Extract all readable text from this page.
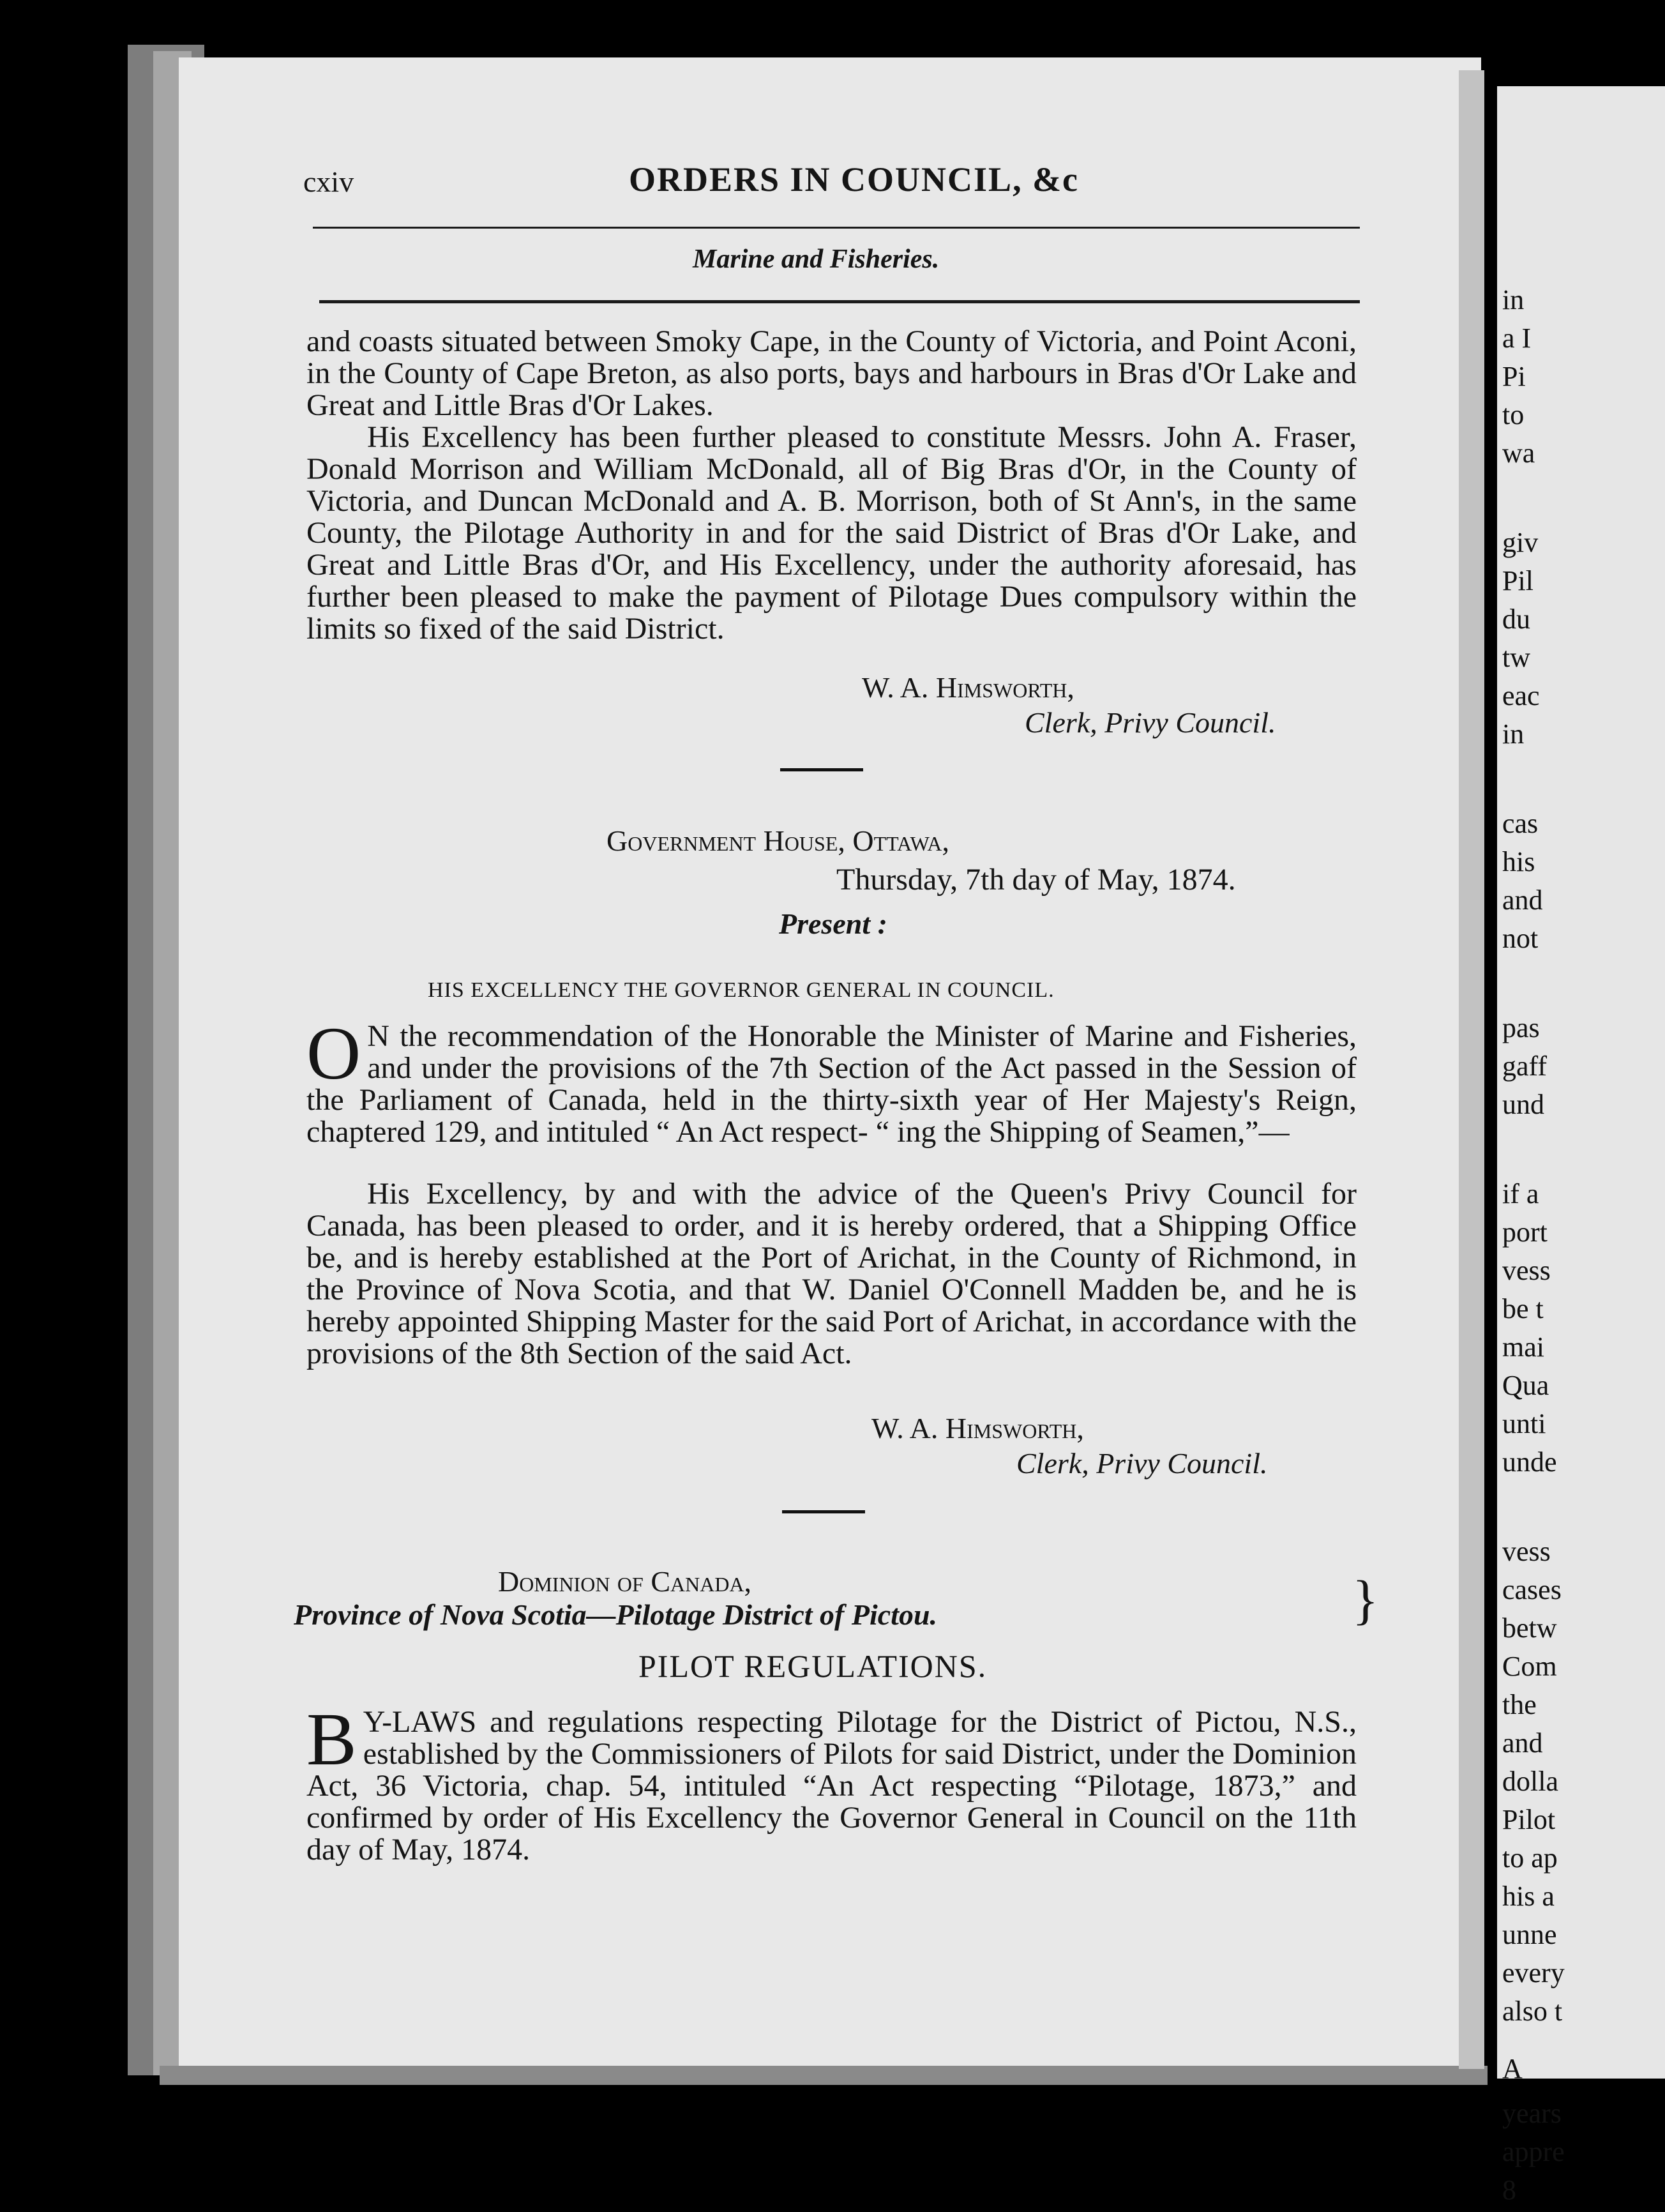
in
a I
Pi
to
wa
giv
Pil
du
tw
eac
in
cas
his
and
not
pas
gaff
und
if a
port
vess
be t
mai
Qua
unti
unde
vess
cases
betw
Com
the
and
dolla
Pilot
to ap
his a
unne
every
also t
A
years
appre
8
cxiv	ORDERS IN COUNCIL, &c
Marine and Fisheries.
and coasts situated between Smoky Cape, in the County of Victoria, and Point Aconi, in the County of Cape Breton, as also ports, bays and harbours in Bras d'Or Lake and Great and Little Bras d'Or Lakes.
His Excellency has been further pleased to constitute Messrs. John A. Fraser, Donald Morrison and William McDonald, all of Big Bras d'Or, in the County of Victoria, and Duncan McDonald and A. B. Morrison, both of St Ann's, in the same County, the Pilotage Authority in and for the said District of Bras d'Or Lake, and Great and Little Bras d'Or, and His Excellency, under the authority aforesaid, has further been pleased to make the payment of Pilotage Dues compulsory within the limits so fixed of the said District.
W. A. Himsworth,
Clerk, Privy Council.
Government House, Ottawa,
Thursday, 7th day of May, 1874.
Present :
HIS EXCELLENCY THE GOVERNOR GENERAL IN COUNCIL.
O N the recommendation of the Honorable the Minister of Marine and Fisheries, and under the provisions of the 7th Section of the Act passed in the Session of the Parliament of Canada, held in the thirty-sixth year of Her Majesty's Reign, chaptered 129, and intituled “ An Act respect- “ ing the Shipping of Seamen,”—
His Excellency, by and with the advice of the Queen's Privy Council for Canada, has been pleased to order, and it is hereby ordered, that a Shipping Office be, and is hereby established at the Port of Arichat, in the County of Richmond, in the Province of Nova Scotia, and that W. Daniel O'Connell Madden be, and he is hereby appointed Shipping Master for the said Port of Arichat, in accordance with the provisions of the 8th Section of the said Act.
W. A. Himsworth,
Clerk, Privy Council.
Dominion of Canada,
Province of Nova Scotia—Pilotage District of Pictou.	}
PILOT REGULATIONS.
B Y-LAWS and regulations respecting Pilotage for the District of Pictou, N.S., established by the Commissioners of Pilots for said District, under the Dominion Act, 36 Victoria, chap. 54, intituled “An Act respecting “Pilotage, 1873,” and confirmed by order of His Excellency the Governor General in Council on the 11th day of May, 1874.
